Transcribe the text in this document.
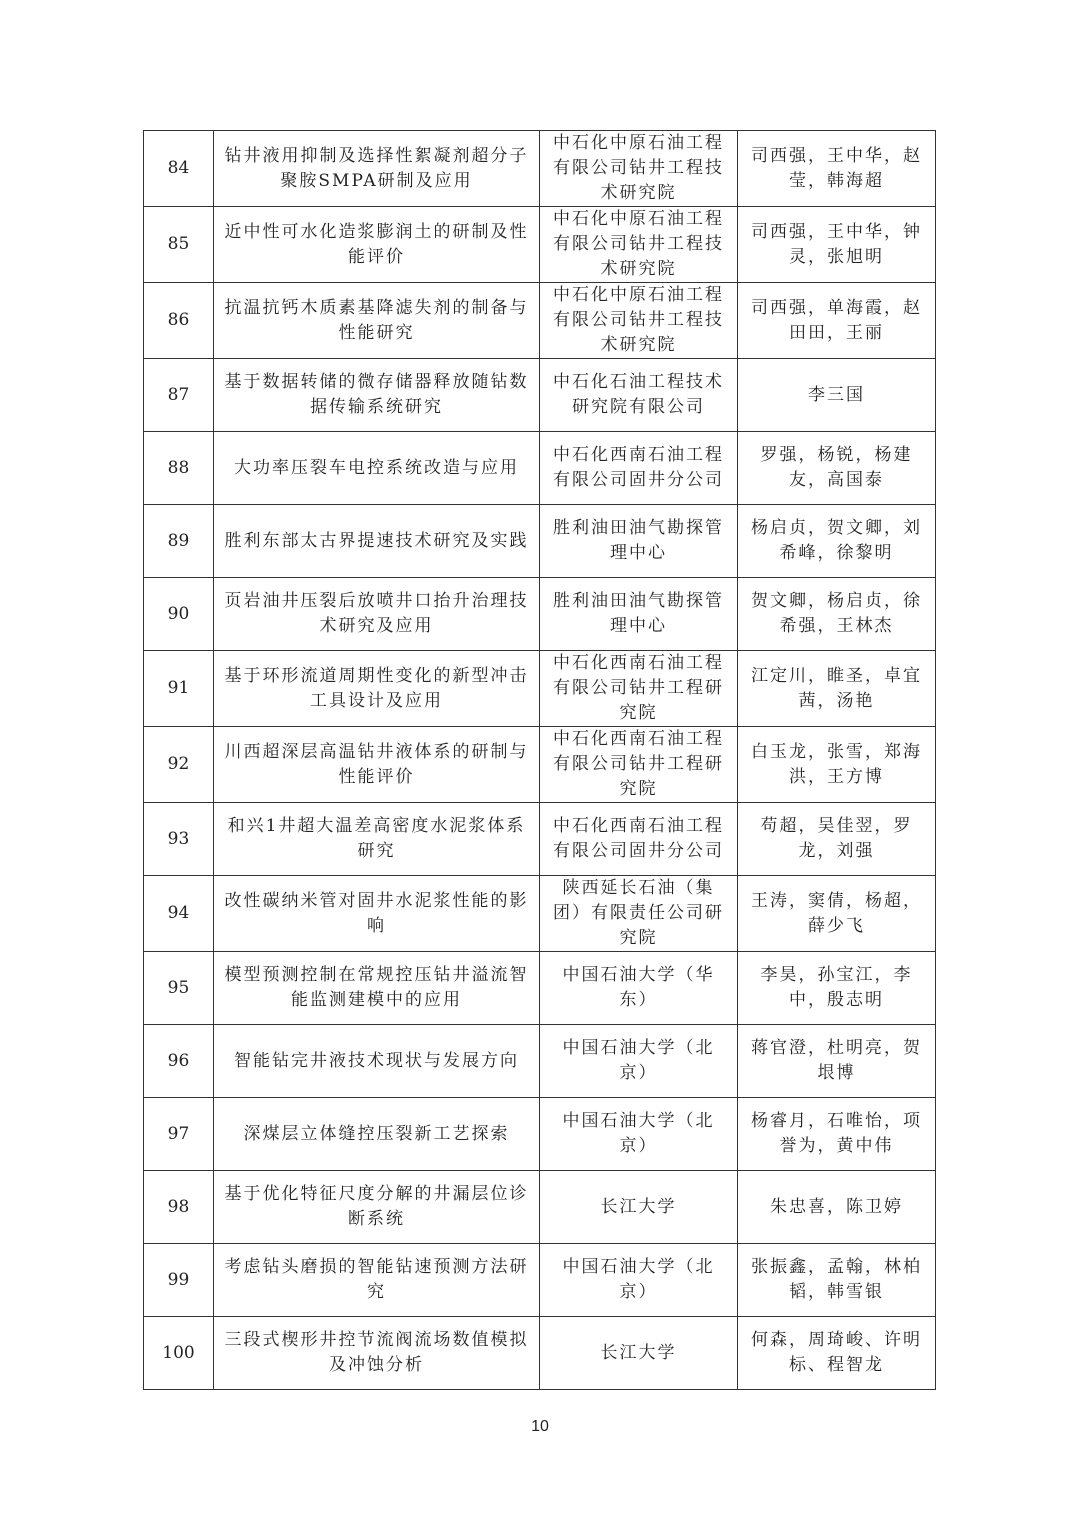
84	钻井液用抑制及选择性絮凝剂超分子聚胺SMPA研制及应用	中石化中原石油工程有限公司钻井工程技术研究院	司西强，王中华，赵莹，韩海超
85	近中性可水化造浆膨润土的研制及性能评价	中石化中原石油工程有限公司钻井工程技术研究院	司西强，王中华，钟灵，张旭明
86	抗温抗钙木质素基降滤失剂的制备与性能研究	中石化中原石油工程有限公司钻井工程技术研究院	司西强，单海霞，赵田田，王丽
87	基于数据转储的微存储器释放随钻数据传输系统研究	中石化石油工程技术研究院有限公司	李三国
88	大功率压裂车电控系统改造与应用	中石化西南石油工程有限公司固井分公司	罗强，杨锐，杨建友，高国泰
89	胜利东部太古界提速技术研究及实践	胜利油田油气勘探管理中心	杨启贞，贺文卿，刘希峰，徐黎明
90	页岩油井压裂后放喷井口抬升治理技术研究及应用	胜利油田油气勘探管理中心	贺文卿，杨启贞，徐希强，王林杰
91	基于环形流道周期性变化的新型冲击工具设计及应用	中石化西南石油工程有限公司钻井工程研究院	江定川，睢圣，卓宜茜，汤艳
92	川西超深层高温钻井液体系的研制与性能评价	中石化西南石油工程有限公司钻井工程研究院	白玉龙，张雪，郑海洪，王方博
93	和兴1井超大温差高密度水泥浆体系研究	中石化西南石油工程有限公司固井分公司	苟超，吴佳翌，罗龙，刘强
94	改性碳纳米管对固井水泥浆性能的影响	陕西延长石油（集团）有限责任公司研究院	王涛，窦倩，杨超，薛少飞
95	模型预测控制在常规控压钻井溢流智能监测建模中的应用	中国石油大学（华东）	李昊，孙宝江，李中，殷志明
96	智能钻完井液技术现状与发展方向	中国石油大学（北京）	蒋官澄，杜明亮，贺垠博
97	深煤层立体缝控压裂新工艺探索	中国石油大学（北京）	杨睿月，石唯怡，项誉为，黄中伟
98	基于优化特征尺度分解的井漏层位诊断系统	长江大学	朱忠喜，陈卫婷
99	考虑钻头磨损的智能钻速预测方法研究	中国石油大学（北京）	张振鑫，孟翰，林柏韬，韩雪银
100	三段式楔形井控节流阀流场数值模拟及冲蚀分析	长江大学	何森，周琦峻、许明标、程智龙
10
